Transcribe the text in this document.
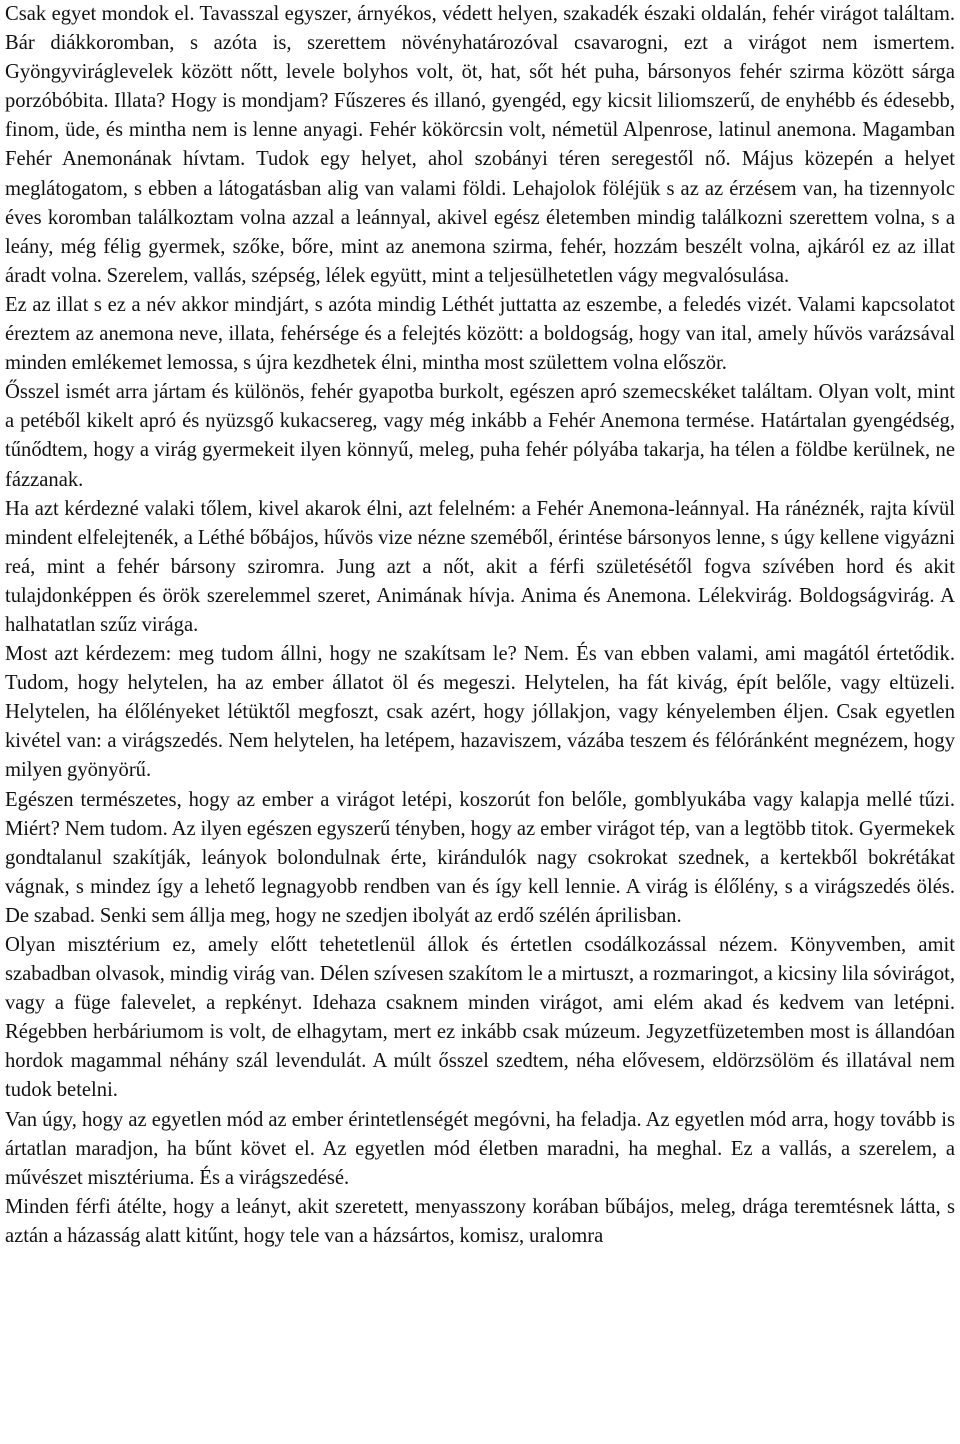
Csak egyet mondok el. Tavasszal egyszer, árnyékos, védett helyen, szakadék északi oldalán, fehér virágot találtam. Bár diákkoromban, s azóta is, szerettem növényhatározóval csavarogni, ezt a virágot nem ismertem. Gyöngyviráglevelek között nőtt, levele bolyhos volt, öt, hat, sőt hét puha, bársonyos fehér szirma között sárga porzóbóbita. Illata? Hogy is mondjam? Fűszeres és illanó, gyengéd, egy kicsit liliomszerű, de enyhébb és édesebb, finom, üde, és mintha nem is lenne anyagi. Fehér kökörcsin volt, németül Alpenrose, latinul anemona. Magamban Fehér Anemonának hívtam. Tudok egy helyet, ahol szobányi téren seregestől nő. Május közepén a helyet meglátogatom, s ebben a látogatásban alig van valami földi. Lehajolok föléjük s az az érzésem van, ha tizennyolc éves koromban találkoztam volna azzal a leánnyal, akivel egész életemben mindig találkozni szerettem volna, s a leány, még félig gyermek, szőke, bőre, mint az anemona szirma, fehér, hozzám beszélt volna, ajkáról ez az illat áradt volna. Szerelem, vallás, szépség, lélek együtt, mint a teljesülhetetlen vágy megvalósulása.

Ez az illat s ez a név akkor mindjárt, s azóta mindig Léthét juttatta az eszembe, a feledés vizét. Valami kapcsolatot éreztem az anemona neve, illata, fehérsége és a felejtés között: a boldogság, hogy van ital, amely hűvös varázsával minden emlékemet lemossa, s újra kezdhetek élni, mintha most születtem volna először.

Ősszel ismét arra jártam és különös, fehér gyapotba burkolt, egészen apró szemecskéket találtam. Olyan volt, mint a petéből kikelt apró és nyüzsgő kukacsereg, vagy még inkább a Fehér Anemona termése. Határtalan gyengédség, tűnődtem, hogy a virág gyermekeit ilyen könnyű, meleg, puha fehér pólyába takarja, ha télen a földbe kerülnek, ne fázzanak.

Ha azt kérdezné valaki tőlem, kivel akarok élni, azt felelném: a Fehér Anemona-leánnyal. Ha ránéznék, rajta kívül mindent elfelejtenék, a Léthé bőbájos, hűvös vize nézne szeméből, érintése bársonyos lenne, s úgy kellene vigyázni reá, mint a fehér bársony sziromra. Jung azt a nőt, akit a férfi születésétől fogva szívében hord és akit tulajdonképpen és örök szerelemmel szeret, Animának hívja. Anima és Anemona. Lélekvirág. Boldogságvirág. A halhatatlan szűz virága.

Most azt kérdezem: meg tudom állni, hogy ne szakítsam le? Nem. És van ebben valami, ami magától értetődik. Tudom, hogy helytelen, ha az ember állatot öl és megeszi. Helytelen, ha fát kivág, épít belőle, vagy eltüzeli. Helytelen, ha élőlényeket létüktől megfoszt, csak azért, hogy jóllakjon, vagy kényelemben éljen. Csak egyetlen kivétel van: a virágszedés. Nem helytelen, ha letépem, hazaviszem, vázába teszem és félóránként megnézem, hogy milyen gyönyörű.

Egészen természetes, hogy az ember a virágot letépi, koszorút fon belőle, gomblyukába vagy kalapja mellé tűzi. Miért? Nem tudom. Az ilyen egészen egyszerű tényben, hogy az ember virágot tép, van a legtöbb titok. Gyermekek gondtalanul szakítják, leányok bolondulnak érte, kirándulók nagy csokrokat szednek, a kertekből bokrétákat vágnak, s mindez így a lehető legnagyobb rendben van és így kell lennie. A virág is élőlény, s a virágszedés ölés. De szabad. Senki sem állja meg, hogy ne szedjen ibolyát az erdő szélén áprilisban.

Olyan misztérium ez, amely előtt tehetetlenül állok és értetlen csodálkozással nézem. Könyvemben, amit szabadban olvasok, mindig virág van. Délen szívesen szakítom le a mirtuszt, a rozmaringot, a kicsiny lila sóvirágot, vagy a füge falevelet, a repkényt. Idehaza csaknem minden virágot, ami elém akad és kedvem van letépni. Régebben herbáriumom is volt, de elhagytam, mert ez inkább csak múzeum. Jegyzetfüzetemben most is állandóan hordok magammal néhány szál levendulát. A múlt ősszel szedtem, néha elővesem, eldörzsölöm és illatával nem tudok betelni.

Van úgy, hogy az egyetlen mód az ember érintetlenségét megóvni, ha feladja. Az egyetlen mód arra, hogy tovább is ártatlan maradjon, ha bűnt követ el. Az egyetlen mód életben maradni, ha meghal. Ez a vallás, a szerelem, a művészet misztériuma. És a virágszedésé.

Minden férfi átélte, hogy a leányt, akit szeretett, menyasszony korában bűbájos, meleg, drága teremtésnek látta, s aztán a házasság alatt kitűnt, hogy tele van a házsártos, komisz, uralomra
